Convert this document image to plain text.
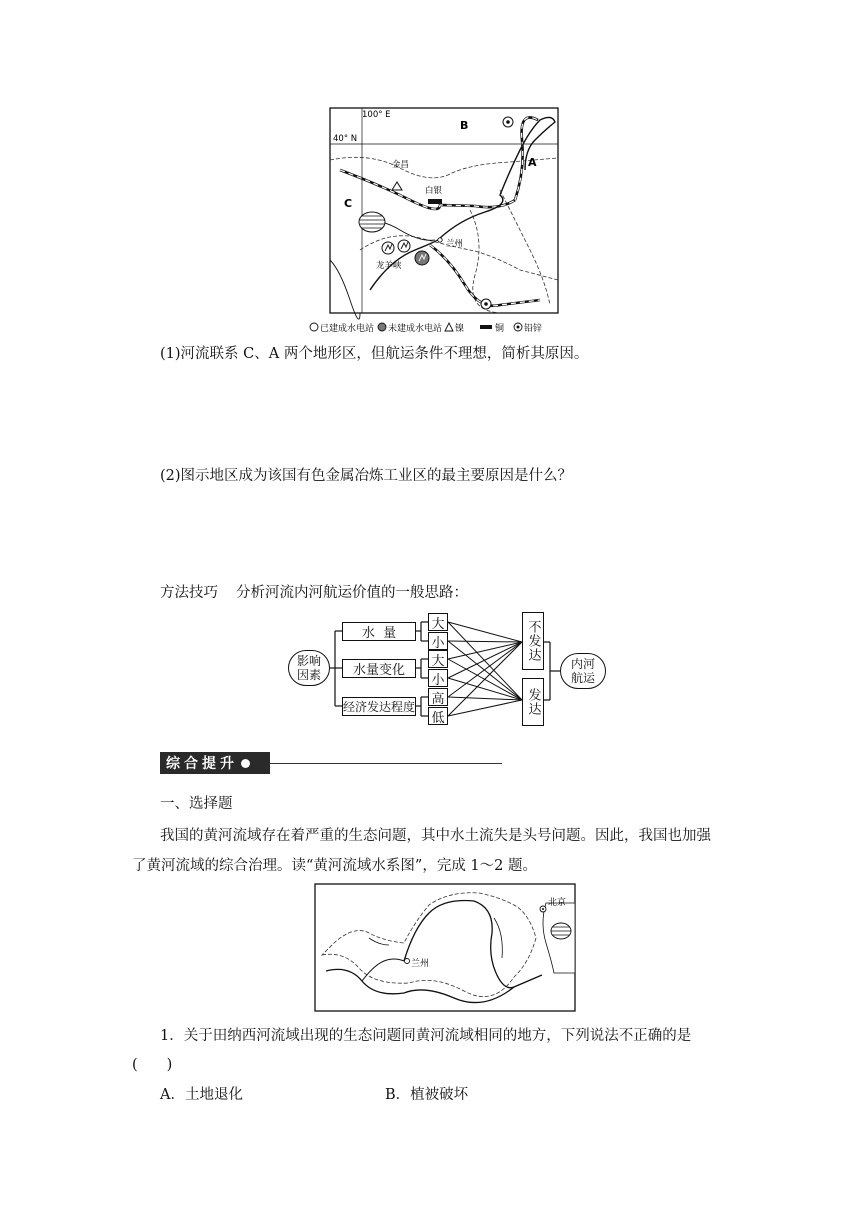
100° E
40° N
B
A
C
金昌
白银
兰州
龙羊峡
已建成水电站 未建成水电站 镍	铜 铅锌
(1)河流联系 C、A 两个地形区，但航运条件不理想，简析其原因。
(2)图示地区成为该国有色金属冶炼工业区的最主要原因是什么？
方法技巧 分析河流内河航运价值的一般思路：
影响因素
水  量
水量变化
经济发达程度
大
小
大
小
高
低
不发达
发达
内河航运
综合提升
一、选择题
我国的黄河流域存在着严重的生态问题，其中水土流失是头号问题。因此，我国也加强
了黄河流域的综合治理。读“黄河流域水系图”，完成 1～2 题。
北京
兰州
1．关于田纳西河流域出现的生态问题同黄河流域相同的地方，下列说法不正确的是
(　　)
A．土地退化	B．植被破坏
